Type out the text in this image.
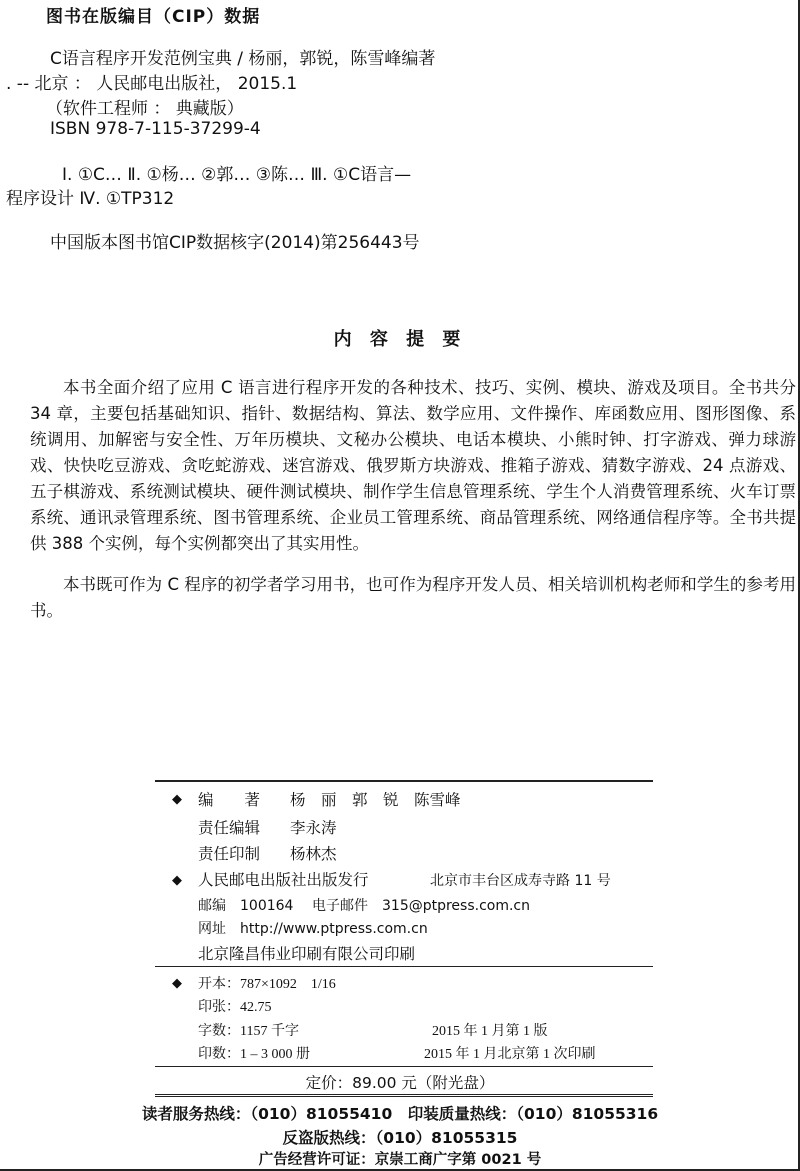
图书在版编目（CIP）数据
C语言程序开发范例宝典 / 杨丽，郭锐，陈雪峰编著
. -- 北京 ： 人民邮电出版社， 2015.1
（软件工程师 ： 典藏版）
ISBN 978-7-115-37299-4
Ⅰ. ①C… Ⅱ. ①杨… ②郭… ③陈… Ⅲ. ①C语言—
程序设计 Ⅳ. ①TP312
中国版本图书馆CIP数据核字(2014)第256443号
内 容 提 要
本书全面介绍了应用 C 语言进行程序开发的各种技术、技巧、实例、模块、游戏及项目。全书共分 34 章，主要包括基础知识、指针、数据结构、算法、数学应用、文件操作、库函数应用、图形图像、系统调用、加解密与安全性、万年历模块、文秘办公模块、电话本模块、小熊时钟、打字游戏、弹力球游戏、快快吃豆游戏、贪吃蛇游戏、迷宫游戏、俄罗斯方块游戏、推箱子游戏、猜数字游戏、24 点游戏、五子棋游戏、系统测试模块、硬件测试模块、制作学生信息管理系统、学生个人消费管理系统、火车订票系统、通讯录管理系统、图书管理系统、企业员工管理系统、商品管理系统、网络通信程序等。全书共提供 388 个实例，每个实例都突出了其实用性。
本书既可作为 C 程序的初学者学习用书，也可作为程序开发人员、相关培训机构老师和学生的参考用书。
◆ 编　　著 杨　丽　郭　锐　陈雪峰
责任编辑 李永涛
责任印制 杨林杰
◆ 人民邮电出版社出版发行	北京市丰台区成寿寺路 11 号
邮编　100164 电子邮件　315@ptpress.com.cn
网址　http://www.ptpress.com.cn
北京隆昌伟业印刷有限公司印刷
◆ 开本：787×1092　1/16
印张：42.75
字数：1157 千字	2015 年 1 月第 1 版
印数：1 – 3 000 册	2015 年 1 月北京第 1 次印刷
定价：89.00 元（附光盘）
读者服务热线：（010）81055410　印装质量热线：（010）81055316
反盗版热线：（010）81055315
广告经营许可证：京崇工商广字第 0021 号
